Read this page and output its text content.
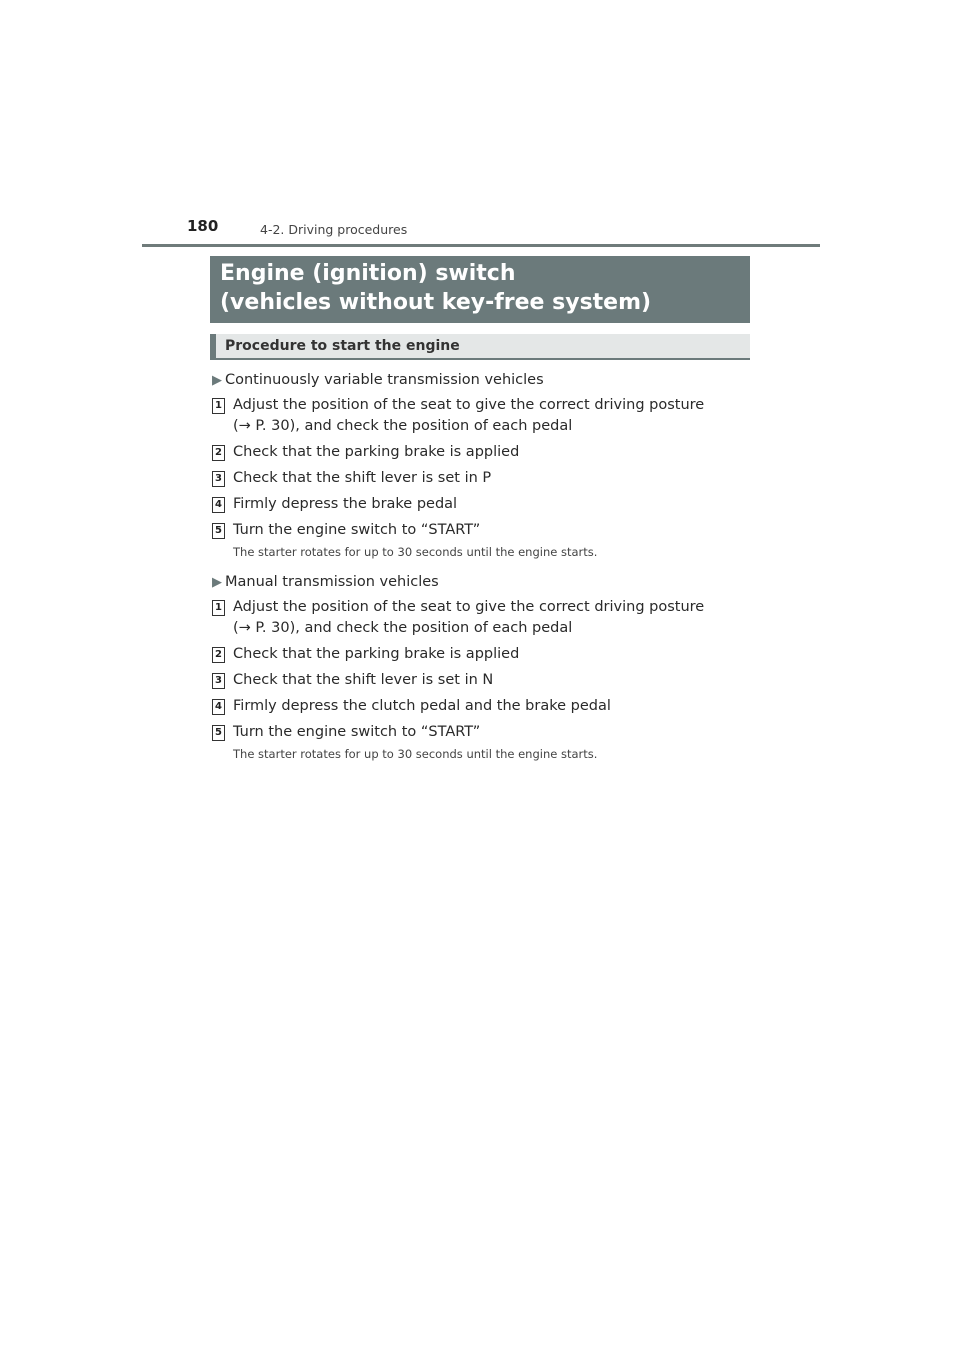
180	4-2. Driving procedures
Engine (ignition) switch
(vehicles without key-free system)
Procedure to start the engine
▶ Continuously variable transmission vehicles
1 Adjust the position of the seat to give the correct driving posture
(→ P. 30), and check the position of each pedal
2 Check that the parking brake is applied
3 Check that the shift lever is set in P
4 Firmly depress the brake pedal
5 Turn the engine switch to “START”
The starter rotates for up to 30 seconds until the engine starts.
▶ Manual transmission vehicles
1 Adjust the position of the seat to give the correct driving posture
(→ P. 30), and check the position of each pedal
2 Check that the parking brake is applied
3 Check that the shift lever is set in N
4 Firmly depress the clutch pedal and the brake pedal
5 Turn the engine switch to “START”
The starter rotates for up to 30 seconds until the engine starts.
